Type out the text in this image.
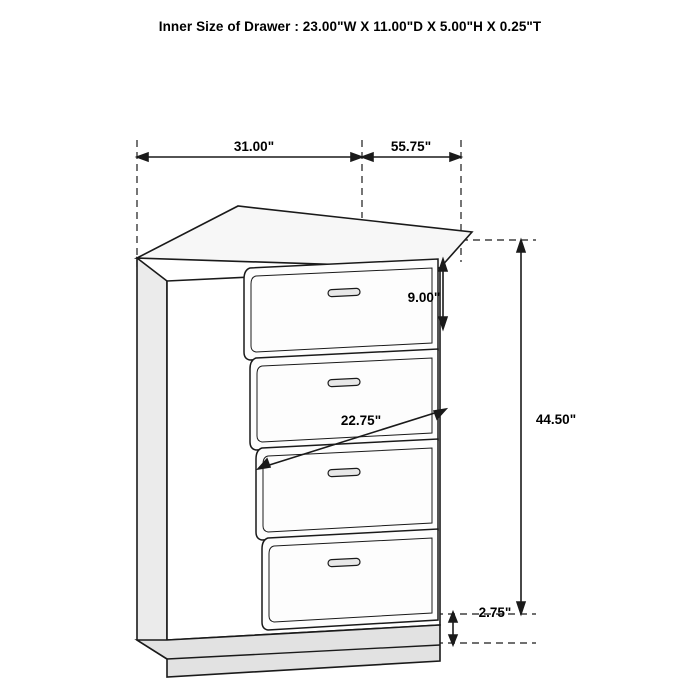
Inner Size of Drawer : 23.00"W X 11.00"D X 5.00"H X 0.25"T
31.00"	55.75"
9.00"
22.75"	44.50"
2.75"
